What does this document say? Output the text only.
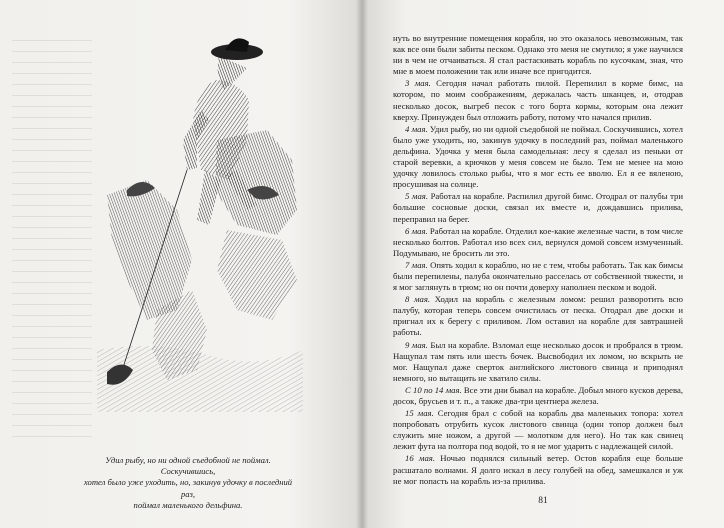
Удил рыбу, но ни одной съедобной не поймал. Соскучившись,
хотел было уже уходить, но, закинув удочку в последний раз,
поймал маленького дельфина.

нуть во внутренние помещения корабля, но это оказалось невозможным, так как все они были забиты песком. Однако это меня не смутило; я уже научился ни в чем не отчаиваться. Я стал растаскивать корабль по кусочкам, зная, что мне в моем положении так или иначе все пригодится.

3 мая. Сегодня начал работать пилой. Перепилил в корме бимс, на котором, по моим соображениям, держалась часть шканцев, и, отодрав несколько досок, выгреб песок с того борта кормы, которым она лежит кверху. Принужден был отложить работу, потому что начался прилив.

4 мая. Удил рыбу, но ни одной съедобной не поймал. Соскучившись, хотел было уже уходить, но, закинув удочку в последний раз, поймал маленького дельфина. Удочка у меня была самодельная: лесу я сделал из пеньки от старой веревки, а крючков у меня совсем не было. Тем не менее на мою удочку ловилось столько рыбы, что я мог есть ее вволю. Ел я ее вяленою, просушивая на солнце.

5 мая. Работал на корабле. Распилил другой бимс. Отодрал от палубы три большие сосновые доски, связал их вместе и, дождавшись прилива, переправил на берег.

6 мая. Работал на корабле. Отделил кое-какие железные части, в том числе несколько болтов. Работал изо всех сил, вернулся домой совсем измученный. Подумываю, не бросить ли это.

7 мая. Опять ходил к кораблю, но не с тем, чтобы работать. Так как бимсы были перепилены, палуба окончательно расселась от собственной тяжести, и я мог заглянуть в трюм; но он почти доверху наполнен песком и водой.

8 мая. Ходил на корабль с железным ломом: решил разворотить всю палубу, которая теперь совсем очистилась от песка. Отодрал две доски и пригнал их к берегу с приливом. Лом оставил на корабле для завтрашней работы.

9 мая. Был на корабле. Взломал еще несколько досок и пробрался в трюм. Нащупал там пять или шесть бочек. Высвободил их ломом, но вскрыть не мог. Нащупал даже сверток английского листового свинца и приподнял немного, но вытащить не хватило силы.

С 10 по 14 мая. Все эти дни бывал на корабле. Добыл много кусков дерева, досок, брусьев и т. п., а также два-три центнера железа.

15 мая. Сегодня брал с собой на корабль два маленьких топора: хотел попробовать отрубить кусок листового свинца (один топор должен был служить мне ножом, а другой — молотком для него). Но так как свинец лежит фута на полтора под водой, то я не мог ударить с надлежащей силой.

16 мая. Ночью поднялся сильный ветер. Остов корабля еще больше расшатало волнами. Я долго искал в лесу голубей на обед, замешкался и уж не мог попасть на корабль из-за прилива.

81
